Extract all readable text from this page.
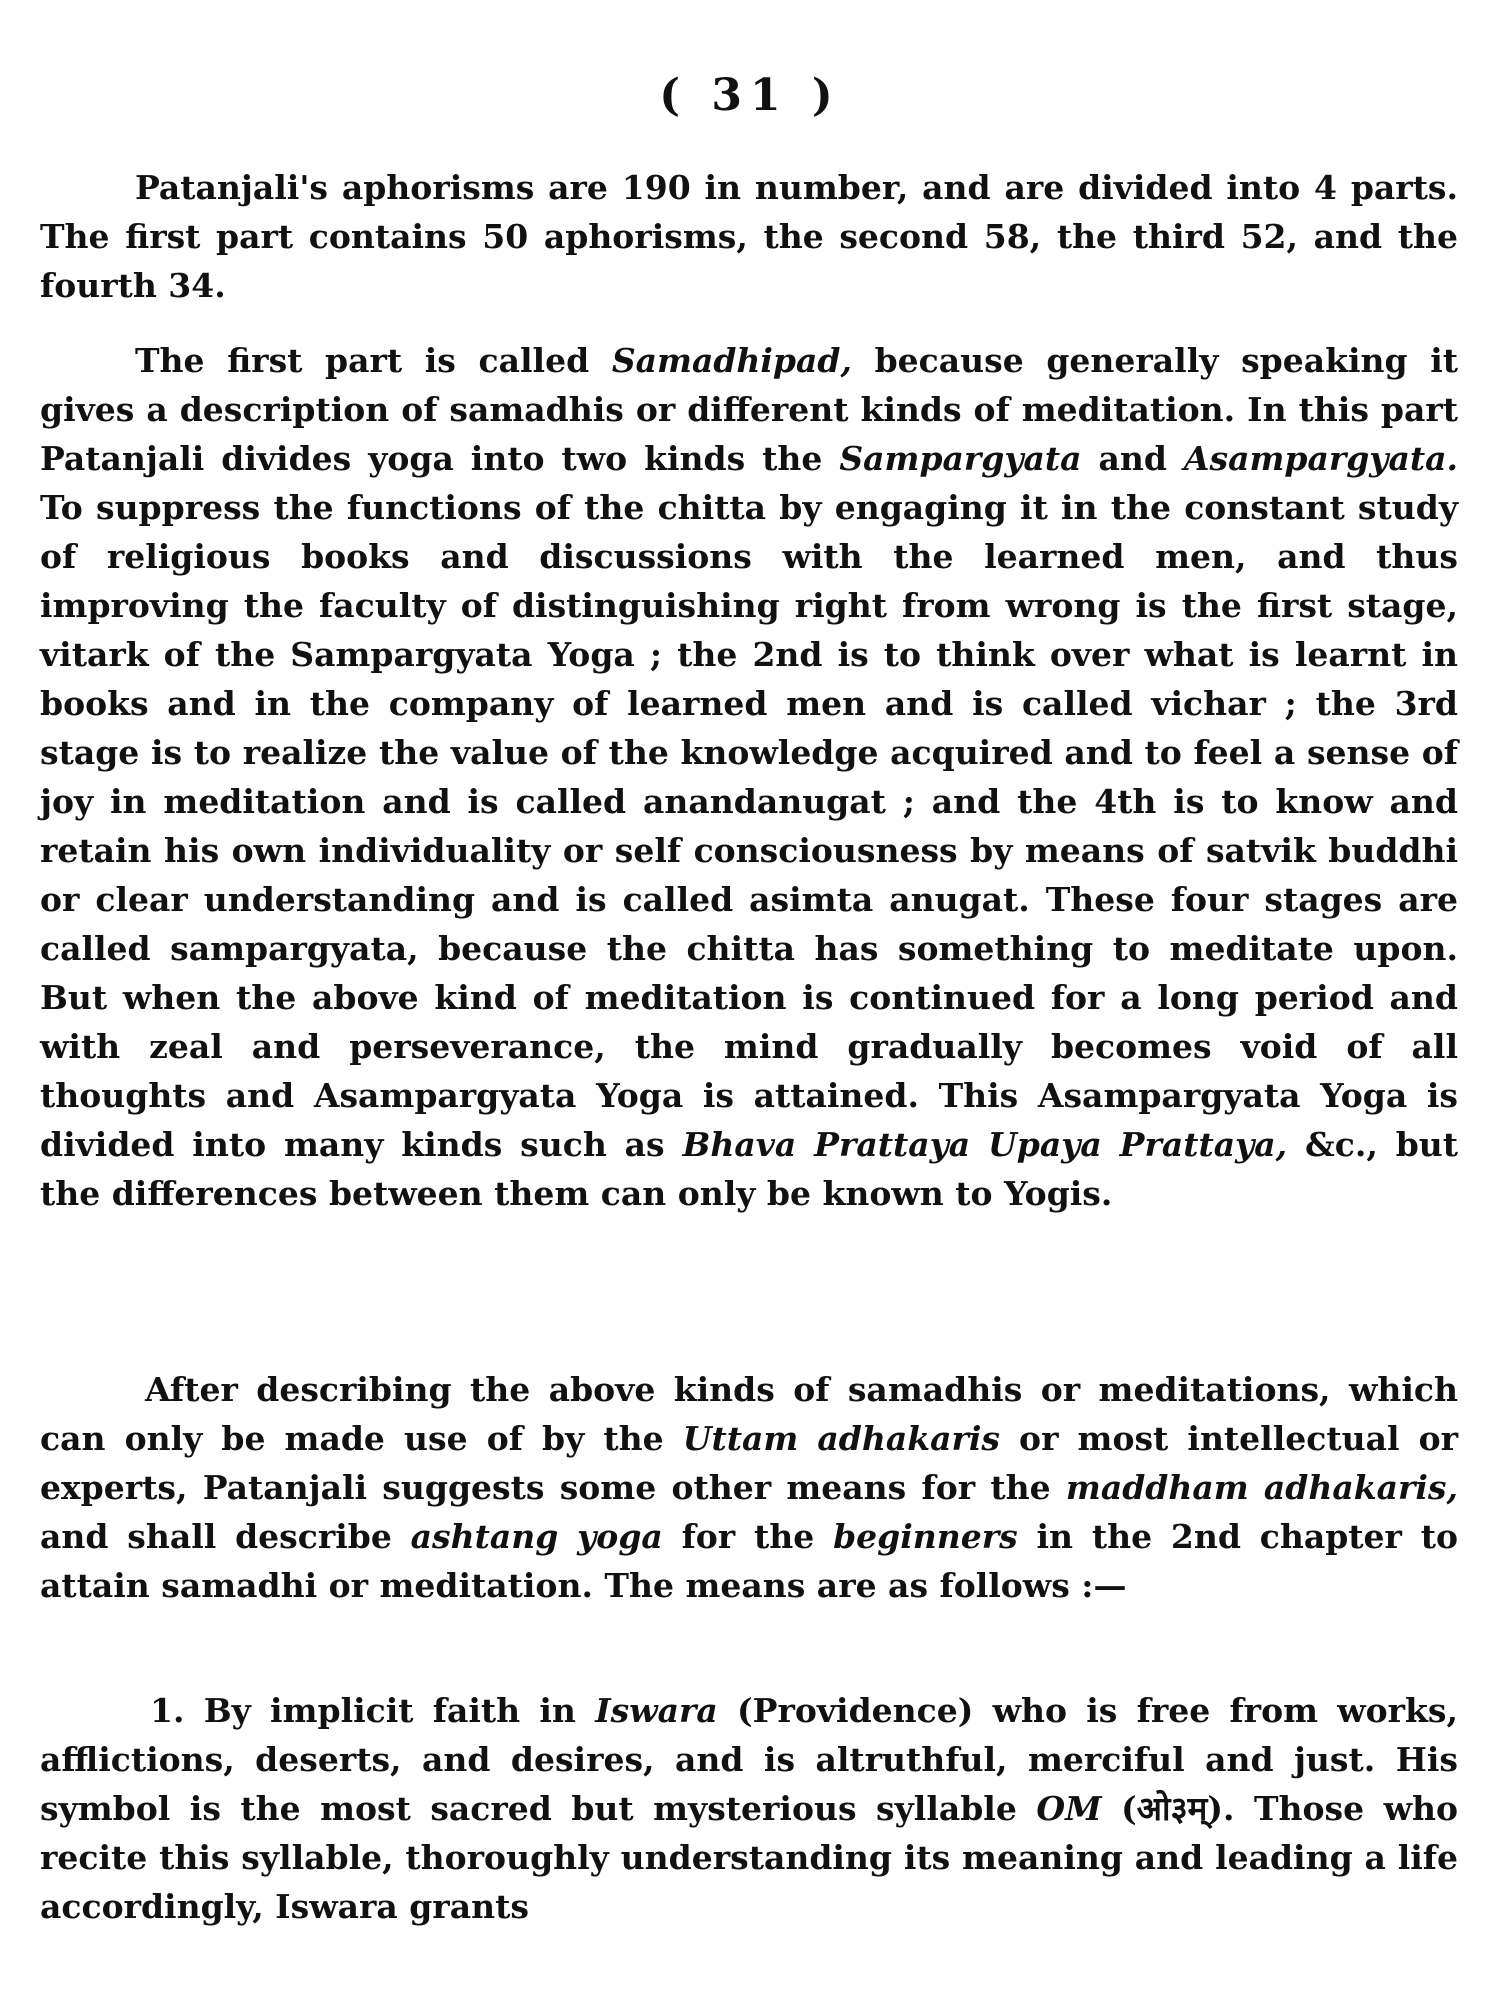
( 31 )

Patanjali's aphorisms are 190 in number, and are divided into 4 parts. The first part contains 50 aphorisms, the second 58, the third 52, and the fourth 34.

The first part is called Samadhipad, because generally speaking it gives a description of samadhis or different kinds of meditation. In this part Patanjali divides yoga into two kinds the Sampargyata and Asampargyata. To suppress the functions of the chitta by engaging it in the constant study of religious books and discussions with the learned men, and thus improving the faculty of distinguishing right from wrong is the first stage, vitark of the Sampargyata Yoga ; the 2nd is to think over what is learnt in books and in the company of learned men and is called vichar ; the 3rd stage is to realize the value of the knowledge acquired and to feel a sense of joy in meditation and is called anandanugat ; and the 4th is to know and retain his own individuality or self consciousness by means of satvik buddhi or clear understanding and is called asimta anugat. These four stages are called sampargyata, because the chitta has something to meditate upon. But when the above kind of meditation is continued for a long period and with zeal and perseverance, the mind gradually becomes void of all thoughts and Asampargyata Yoga is attained. This Asampargyata Yoga is divided into many kinds such as Bhava Prattaya Upaya Prattaya, &c., but the differences between them can only be known to Yogis.

After describing the above kinds of samadhis or meditations, which can only be made use of by the Uttam adhakaris or most intellectual or experts, Patanjali suggests some other means for the maddham adhakaris, and shall describe ashtang yoga for the beginners in the 2nd chapter to attain samadhi or meditation. The means are as follows :—

1. By implicit faith in Iswara (Providence) who is free from works, afflictions, deserts, and desires, and is altruthful, merciful and just. His symbol is the most sacred but mysterious syllable OM (ओ३म्). Those who recite this syllable, thoroughly understanding its meaning and leading a life accordingly, Iswara grants
